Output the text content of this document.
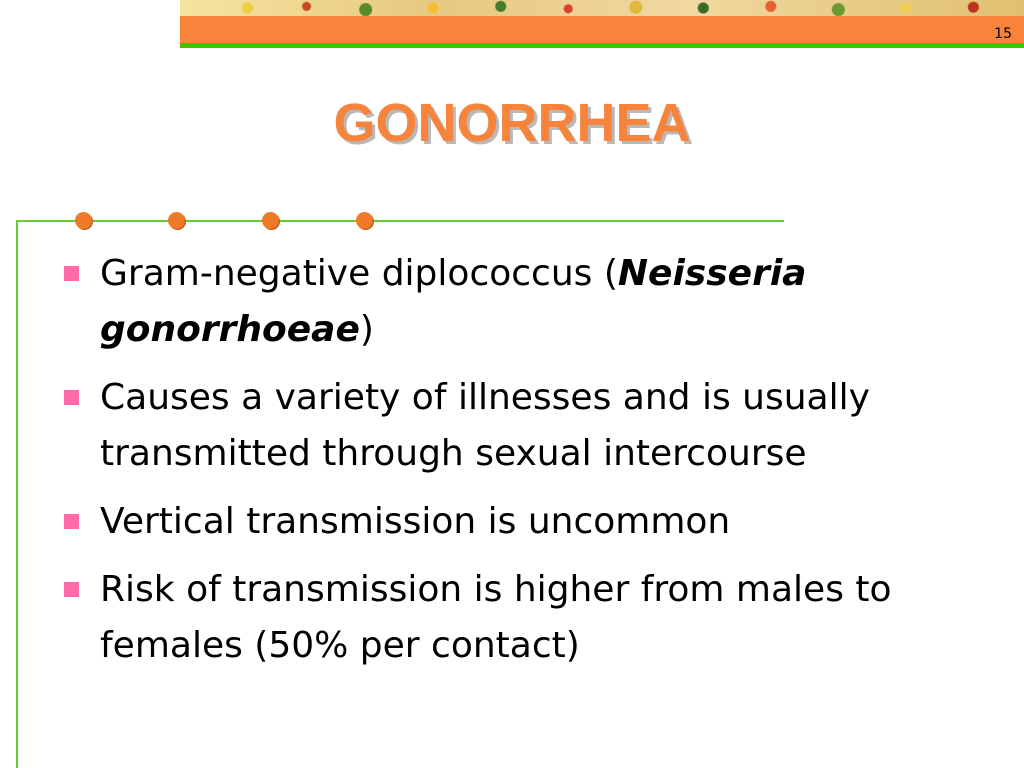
15
GONORRHEA
Gram-negative diplococcus (Neisseria gonorrhoeae)
Causes a variety of illnesses and is usually transmitted through sexual intercourse
Vertical transmission is uncommon
Risk of transmission is higher from males to females (50% per contact)
